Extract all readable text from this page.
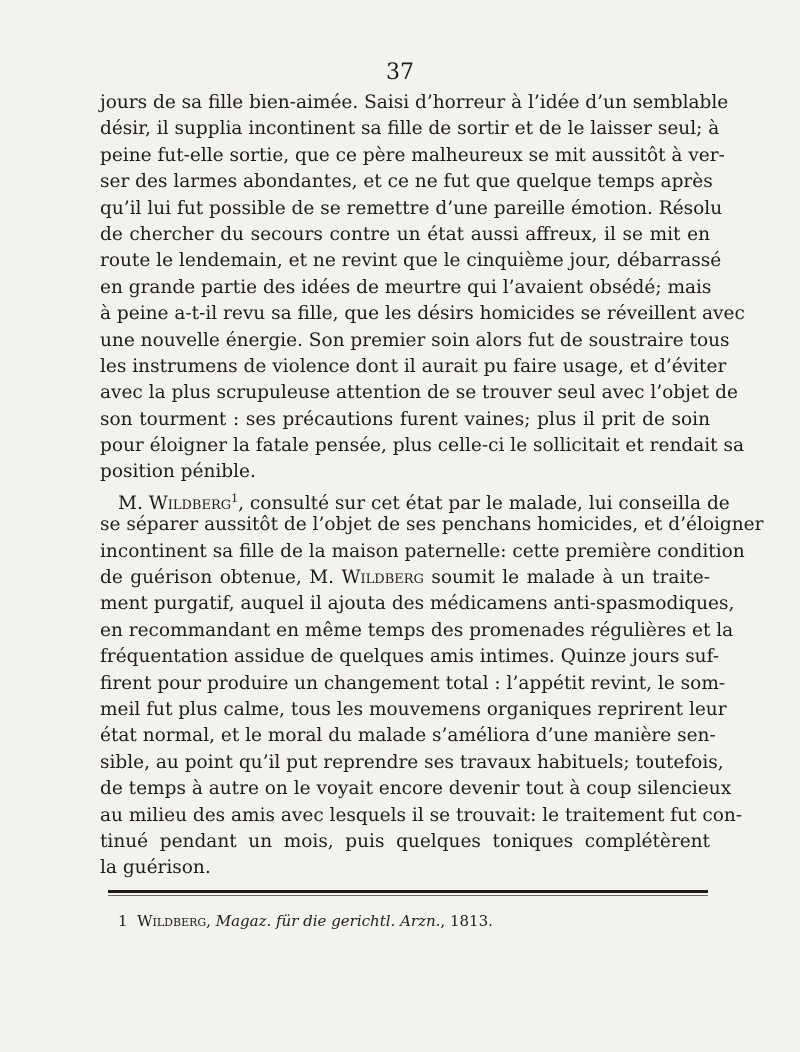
37
jours de sa fille bien-aimée. Saisi d’horreur à l’idée d’un semblable
désir, il supplia incontinent sa fille de sortir et de le laisser seul; à
peine fut-elle sortie, que ce père malheureux se mit aussitôt à ver-
ser des larmes abondantes, et ce ne fut que quelque temps après
qu’il lui fut possible de se remettre d’une pareille émotion. Résolu
de chercher du secours contre un état aussi affreux, il se mit en
route le lendemain, et ne revint que le cinquième jour, débarrassé
en grande partie des idées de meurtre qui l’avaient obsédé; mais
à peine a-t-il revu sa fille, que les désirs homicides se réveillent avec
une nouvelle énergie. Son premier soin alors fut de soustraire tous
les instrumens de violence dont il aurait pu faire usage, et d’éviter
avec la plus scrupuleuse attention de se trouver seul avec l’objet de
son tourment : ses précautions furent vaines; plus il prit de soin
pour éloigner la fatale pensée, plus celle-ci le sollicitait et rendait sa
position pénible.
M. Wildberg$^1$, consulté sur cet état par le malade, lui conseilla de
se séparer aussitôt de l’objet de ses penchans homicides, et d’éloigner
incontinent sa fille de la maison paternelle: cette première condition
de guérison obtenue, M. Wildberg soumit le malade à un traite-
ment purgatif, auquel il ajouta des médicamens anti-spasmodiques,
en recommandant en même temps des promenades régulières et la
fréquentation assidue de quelques amis intimes. Quinze jours suf-
firent pour produire un changement total : l’appétit revint, le som-
meil fut plus calme, tous les mouvemens organiques reprirent leur
état normal, et le moral du malade s’améliora d’une manière sen-
sible, au point qu’il put reprendre ses travaux habituels; toutefois,
de temps à autre on le voyait encore devenir tout à coup silencieux
au milieu des amis avec lesquels il se trouvait: le traitement fut con-
tinué pendant un mois, puis quelques toniques complétèrent
la guérison.
1 Wildberg, Magaz. für die gerichtl. Arzn., 1813.
